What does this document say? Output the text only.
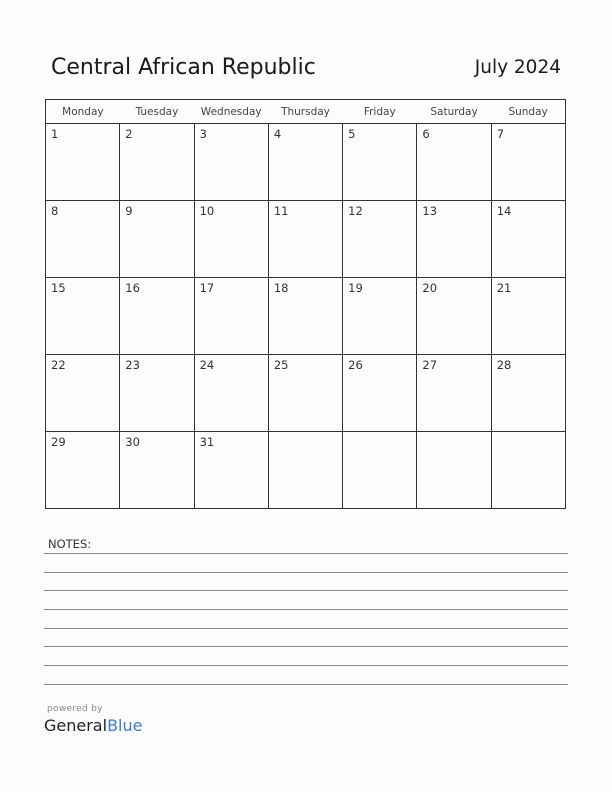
Central African Republic	July 2024
Monday	Tuesday	Wednesday	Thursday	Friday	Saturday	Sunday

1	2	3	4	5	6	7

8	9	10	11	12	13	14

15	16	17	18	19	20	21

22	23	24	25	26	27	28

29	30	31				

NOTES:
powered by
GeneralBlue
